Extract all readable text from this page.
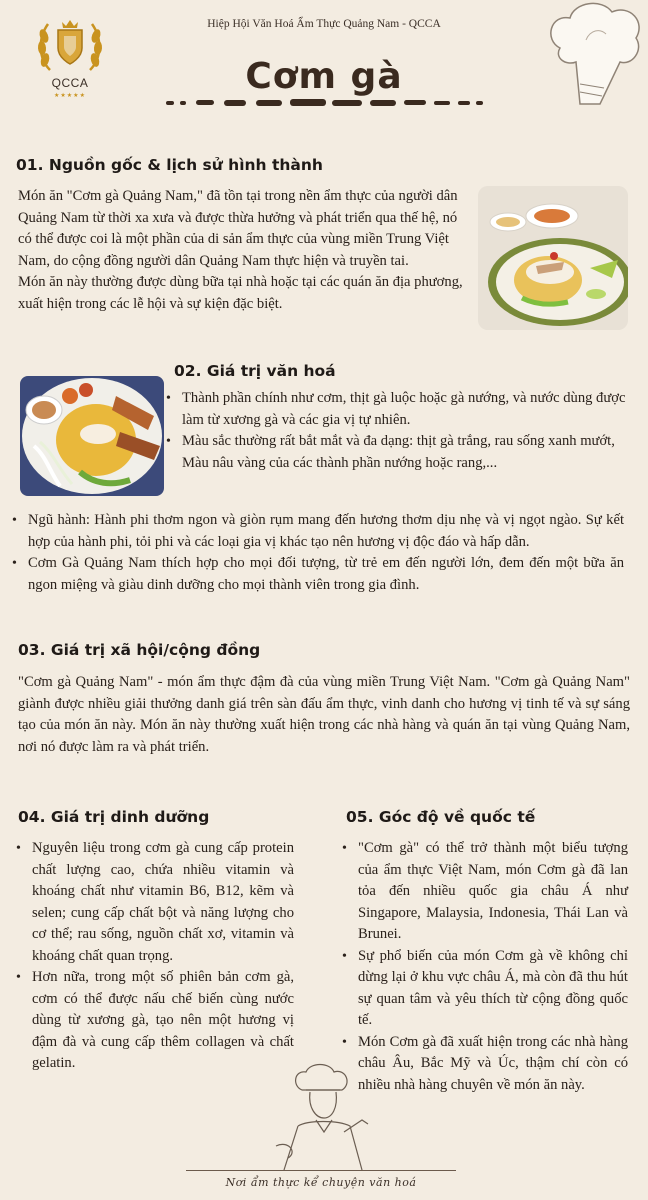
Hiệp Hội Văn Hoá Ẩm Thực Quảng Nam - QCCA
QCCA
★★★★★	Cơm gà
01. Nguồn gốc & lịch sử hình thành

Món ăn "Cơm gà Quảng Nam," đã tồn tại trong nền ẩm thực của người dân Quảng Nam từ thời xa xưa và được thừa hưởng và phát triển qua thế hệ, nó có thể được coi là một phần của di sản ẩm thực của vùng miền Trung Việt Nam, do cộng đồng người dân Quảng Nam thực hiện và truyền tai.

Món ăn này thường được dùng bữa tại nhà hoặc tại các quán ăn địa phương, xuất hiện trong các lễ hội và sự kiện đặc biệt.

02. Giá trị văn hoá
• Thành phần chính như cơm, thịt gà luộc hoặc gà nướng, và nước dùng được làm từ xương gà và các gia vị tự nhiên.
• Màu sắc thường rất bắt mắt và đa dạng: thịt gà trắng, rau sống xanh mướt, Màu nâu vàng của các thành phần nướng hoặc rang,...
• Ngũ hành: Hành phi thơm ngon và giòn rụm mang đến hương thơm dịu nhẹ và vị ngọt ngào. Sự kết hợp của hành phi, tỏi phi và các loại gia vị khác tạo nên hương vị độc đáo và hấp dẫn.
• Cơm Gà Quảng Nam thích hợp cho mọi đối tượng, từ trẻ em đến người lớn, đem đến một bữa ăn ngon miệng và giàu dinh dưỡng cho mọi thành viên trong gia đình.
03. Giá trị xã hội/cộng đồng

"Cơm gà Quảng Nam" - món ẩm thực đậm đà của vùng miền Trung Việt Nam. "Cơm gà Quảng Nam" giành được nhiều giải thưởng danh giá trên sàn đấu ẩm thực, vinh danh cho hương vị tinh tế và sự sáng tạo của món ăn này. Món ăn này thường xuất hiện trong các nhà hàng và quán ăn tại vùng Quảng Nam, nơi nó được làm ra và phát triển.

04. Giá trị dinh dưỡng
• Nguyên liệu trong cơm gà cung cấp protein chất lượng cao, chứa nhiều vitamin và khoáng chất như vitamin B6, B12, kẽm và selen; cung cấp chất bột và năng lượng cho cơ thể; rau sống, nguồn chất xơ, vitamin và khoáng chất quan trọng.
• Hơn nữa, trong một số phiên bản cơm gà, cơm có thể được nấu chế biến cùng nước dùng từ xương gà, tạo nên một hương vị đậm đà và cung cấp thêm collagen và chất gelatin.
05. Góc độ về quốc tế
• "Cơm gà" có thể trở thành một biểu tượng của ẩm thực Việt Nam, món Cơm gà đã lan tỏa đến nhiều quốc gia châu Á như Singapore, Malaysia, Indonesia, Thái Lan và Brunei.
• Sự phổ biến của món Cơm gà về không chỉ dừng lại ở khu vực châu Á, mà còn đã thu hút sự quan tâm và yêu thích từ cộng đồng quốc tế.
• Món Cơm gà đã xuất hiện trong các nhà hàng châu Âu, Bắc Mỹ và Úc, thậm chí còn có nhiều nhà hàng chuyên về món ăn này.
Nơi ẩm thực kể chuyện văn hoá
